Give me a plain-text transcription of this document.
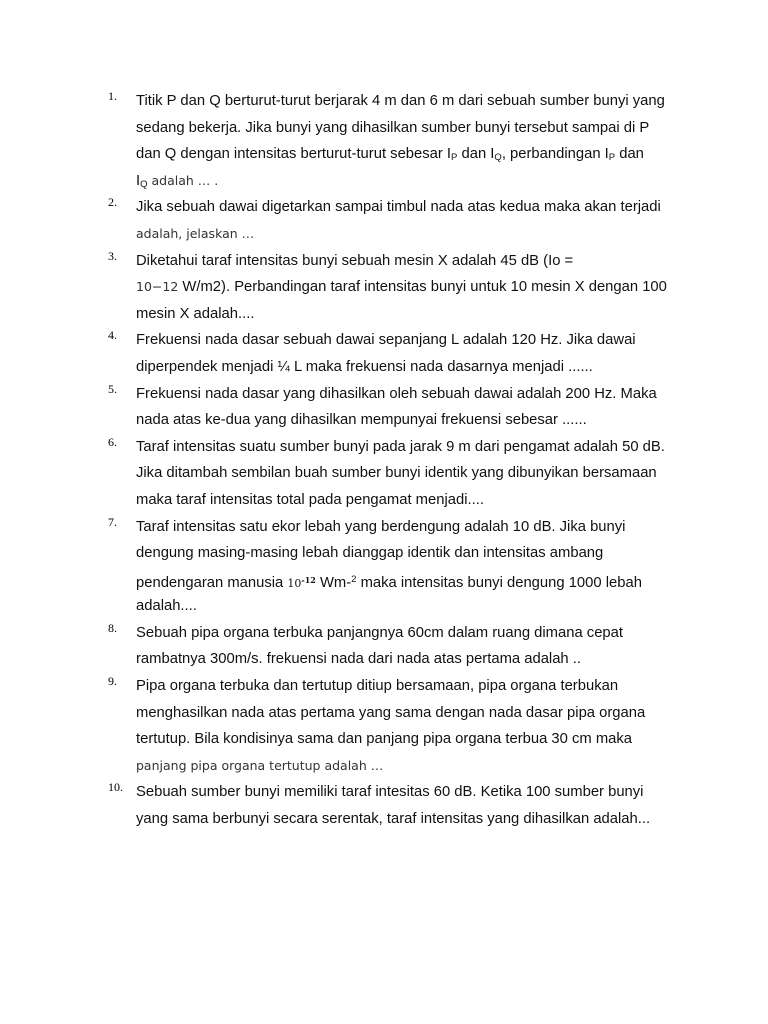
1. Titik P dan Q berturut-turut berjarak 4 m dan 6 m dari sebuah sumber bunyi yang
sedang bekerja. Jika bunyi yang dihasilkan sumber bunyi tersebut sampai di P
dan Q dengan intensitas berturut-turut sebesar $I_P$ dan $I_Q$, perbandingan $I_P$ dan
$I_Q$ adalah … .
2. Jika sebuah dawai digetarkan sampai timbul nada atas kedua maka akan terjadi
adalah, jelaskan …
3. Diketahui taraf intensitas bunyi sebuah mesin X adalah 45 dB (Io =
10−12 W/m2). Perbandingan taraf intensitas bunyi untuk 10 mesin X dengan 100
mesin X adalah....
4. Frekuensi nada dasar sebuah dawai sepanjang L adalah 120 Hz. Jika dawai
diperpendek menjadi ¼ L maka frekuensi nada dasarnya menjadi ......
5. Frekuensi nada dasar yang dihasilkan oleh sebuah dawai adalah 200 Hz. Maka
nada atas ke-dua yang dihasilkan mempunyai frekuensi sebesar ......
6. Taraf intensitas suatu sumber bunyi pada jarak 9 m dari pengamat adalah 50 dB.
Jika ditambah sembilan buah sumber bunyi identik yang dibunyikan bersamaan
maka taraf intensitas total pada pengamat menjadi....
7. Taraf intensitas satu ekor lebah yang berdengung adalah 10 dB. Jika bunyi
dengung masing-masing lebah dianggap identik dan intensitas ambang
pendengaran manusia $10^{-12}$ Wm-$^2$ maka intensitas bunyi dengung 1000 lebah
adalah....
8. Sebuah pipa organa terbuka panjangnya 60cm dalam ruang dimana cepat
rambatnya 300m/s. frekuensi nada dari nada atas pertama adalah ..
9. Pipa organa terbuka dan tertutup ditiup bersamaan, pipa organa terbukan
menghasilkan nada atas pertama yang sama dengan nada dasar pipa organa
tertutup. Bila kondisinya sama dan panjang pipa organa terbua 30 cm maka
panjang pipa organa tertutup adalah …
10. Sebuah sumber bunyi memiliki taraf intesitas 60 dB. Ketika 100 sumber bunyi
yang sama berbunyi secara serentak, taraf intensitas yang dihasilkan adalah...
